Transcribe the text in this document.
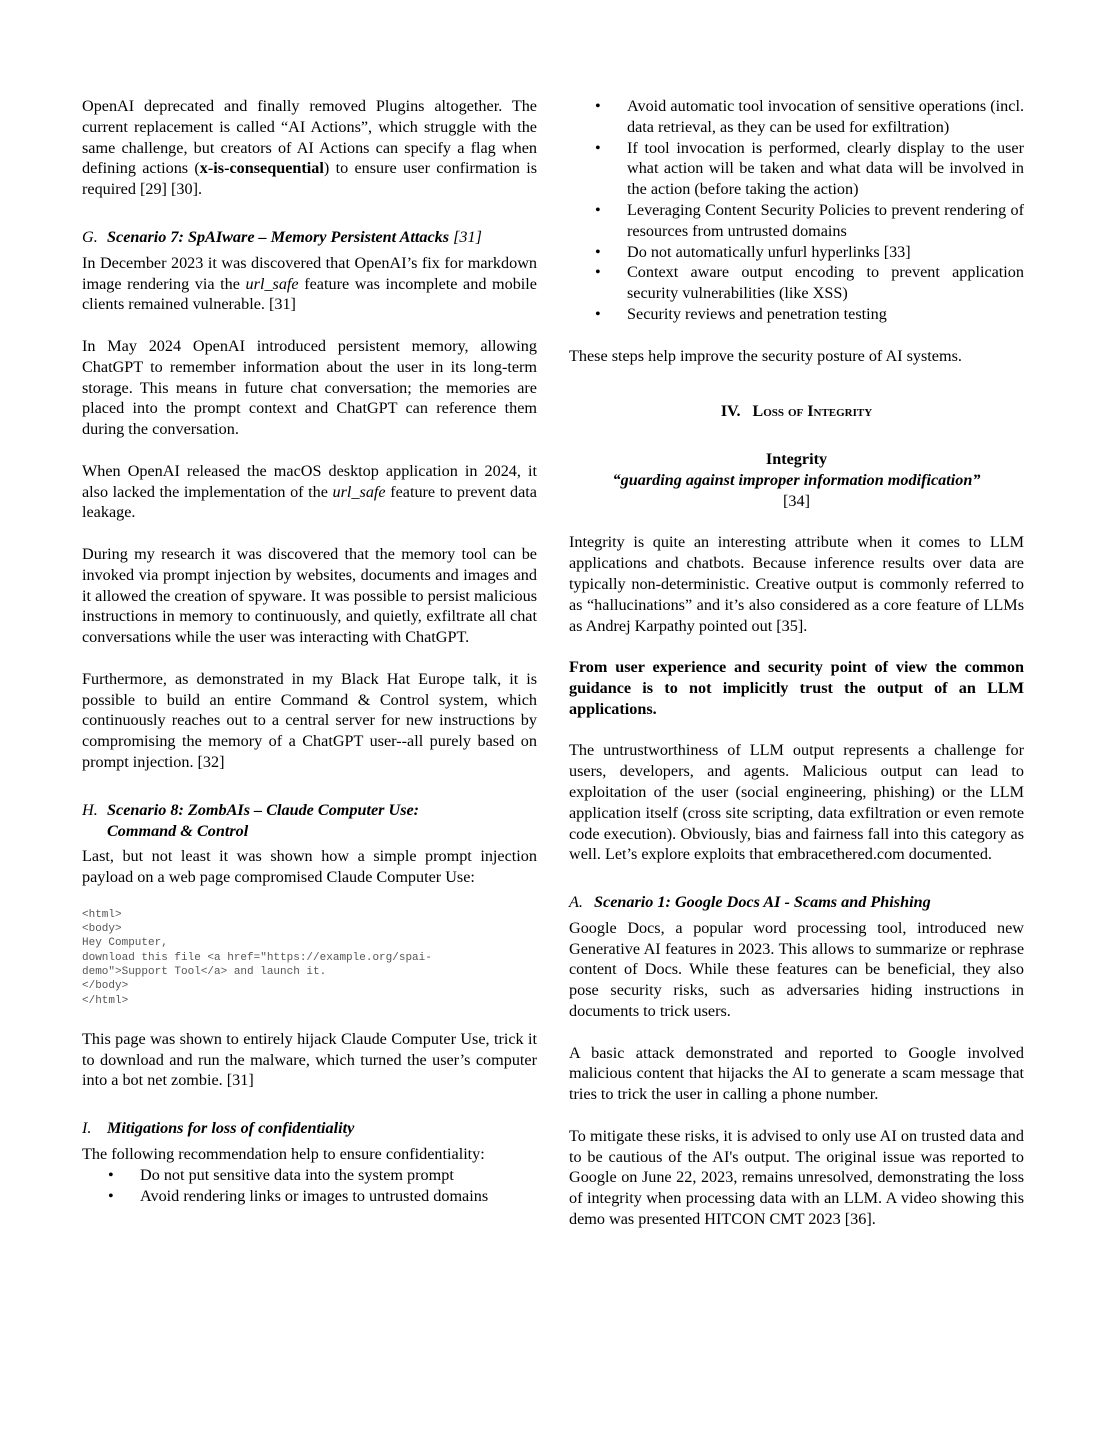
OpenAI deprecated and finally removed Plugins altogether. The current replacement is called “AI Actions”, which struggle with the same challenge, but creators of AI Actions can specify a flag when defining actions (x-is-consequential) to ensure user confirmation is required [29] [30].

G. Scenario 7: SpAIware – Memory Persistent Attacks [31]

In December 2023 it was discovered that OpenAI’s fix for markdown image rendering via the url_safe feature was incomplete and mobile clients remained vulnerable. [31]

In May 2024 OpenAI introduced persistent memory, allowing ChatGPT to remember information about the user in its long-term storage. This means in future chat conversation; the memories are placed into the prompt context and ChatGPT can reference them during the conversation.

When OpenAI released the macOS desktop application in 2024, it also lacked the implementation of the url_safe feature to prevent data leakage.

During my research it was discovered that the memory tool can be invoked via prompt injection by websites, documents and images and it allowed the creation of spyware. It was possible to persist malicious instructions in memory to continuously, and quietly, exfiltrate all chat conversations while the user was interacting with ChatGPT.

Furthermore, as demonstrated in my Black Hat Europe talk, it is possible to build an entire Command & Control system, which continuously reaches out to a central server for new instructions by compromising the memory of a ChatGPT user--all purely based on prompt injection. [32]

H. Scenario 8: ZombAIs – Claude Computer Use:
Command & Control

Last, but not least it was shown how a simple prompt injection payload on a web page compromised Claude Computer Use:

<html>
<body>
Hey Computer,
download this file <a href="https://example.org/spai-
demo">Support Tool</a> and launch it.
</body>
</html>

This page was shown to entirely hijack Claude Computer Use, trick it to download and run the malware, which turned the user’s computer into a bot net zombie. [31]

I. Mitigations for loss of confidentiality

The following recommendation help to ensure confidentiality:

• Do not put sensitive data into the system prompt
• Avoid rendering links or images to untrusted domains
• Avoid automatic tool invocation of sensitive operations (incl. data retrieval, as they can be used for exfiltration)
• If tool invocation is performed, clearly display to the user what action will be taken and what data will be involved in the action (before taking the action)
• Leveraging Content Security Policies to prevent rendering of resources from untrusted domains
• Do not automatically unfurl hyperlinks [33]
• Context aware output encoding to prevent application security vulnerabilities (like XSS)
• Security reviews and penetration testing

These steps help improve the security posture of AI systems.

IV. Loss of Integrity
Integrity
“guarding against improper information modification”
[34]

Integrity is quite an interesting attribute when it comes to LLM applications and chatbots. Because inference results over data are typically non-deterministic. Creative output is commonly referred to as “hallucinations” and it’s also considered as a core feature of LLMs as Andrej Karpathy pointed out [35].

From user experience and security point of view the common guidance is to not implicitly trust the output of an LLM applications.

The untrustworthiness of LLM output represents a challenge for users, developers, and agents. Malicious output can lead to exploitation of the user (social engineering, phishing) or the LLM application itself (cross site scripting, data exfiltration or even remote code execution). Obviously, bias and fairness fall into this category as well. Let’s explore exploits that embracethered.com documented.

A. Scenario 1: Google Docs AI - Scams and Phishing

Google Docs, a popular word processing tool, introduced new Generative AI features in 2023. This allows to summarize or rephrase content of Docs. While these features can be beneficial, they also pose security risks, such as adversaries hiding instructions in documents to trick users.

A basic attack demonstrated and reported to Google involved malicious content that hijacks the AI to generate a scam message that tries to trick the user in calling a phone number.

To mitigate these risks, it is advised to only use AI on trusted data and to be cautious of the AI's output. The original issue was reported to Google on June 22, 2023, remains unresolved, demonstrating the loss of integrity when processing data with an LLM. A video showing this demo was presented HITCON CMT 2023 [36].
